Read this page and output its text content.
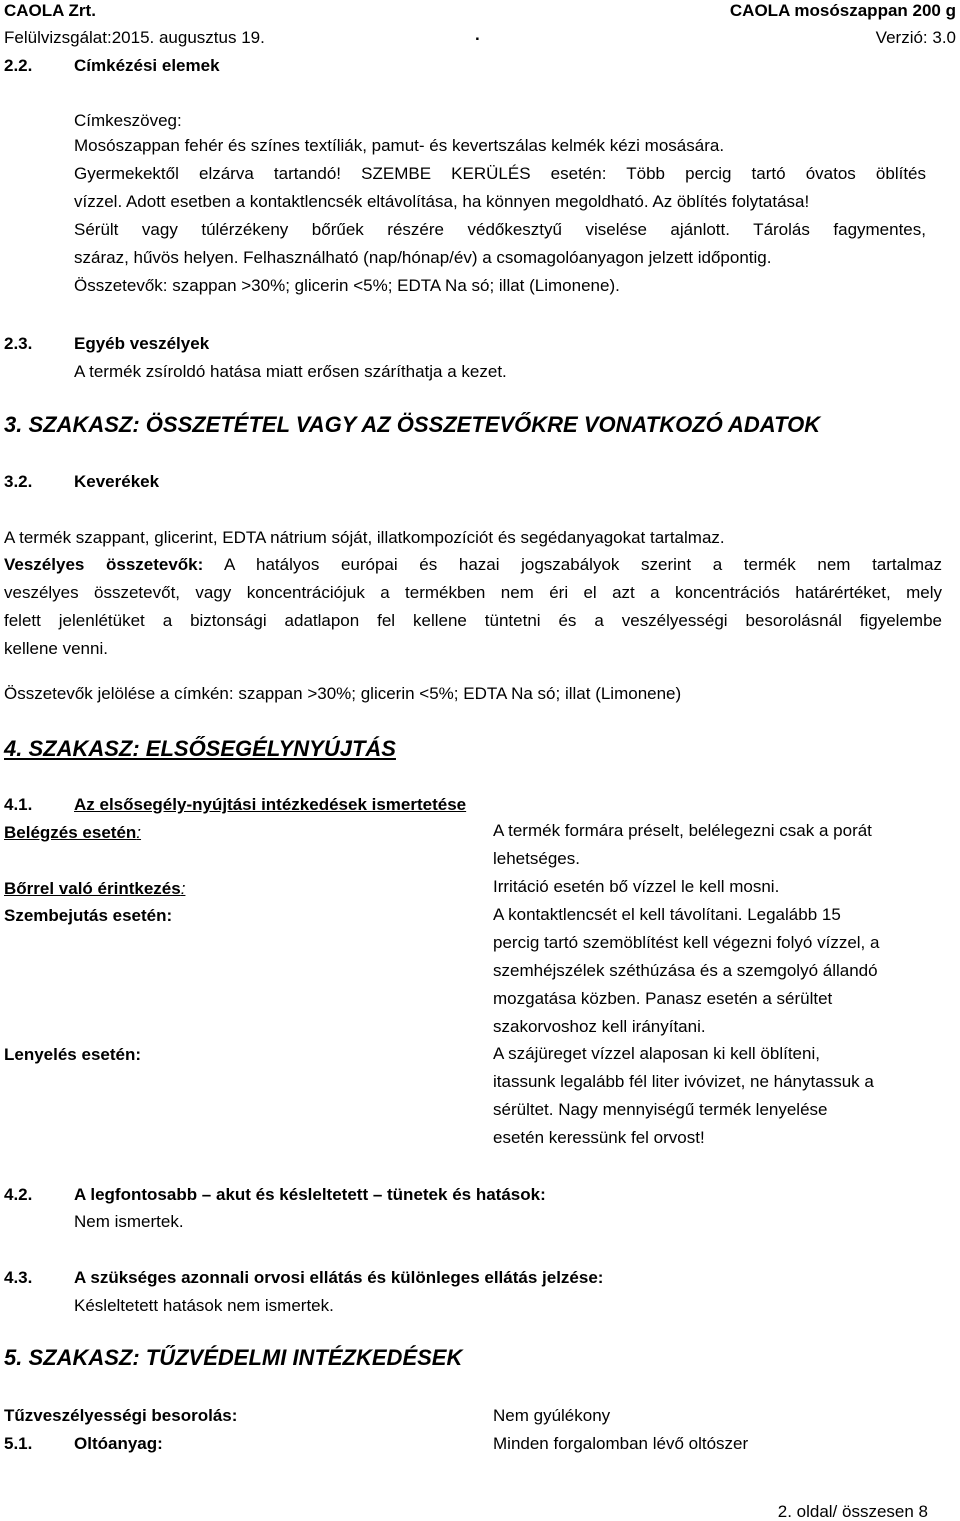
CAOLA Zrt.	CAOLA mosószappan 200 g
Felülvizsgálat:2015. augusztus 19.	.	Verzió: 3.0
2.2. Címkézési elemek
Címkeszöveg:
Mosószappan fehér és színes textíliák, pamut- és kevertszálas kelmék kézi mosására.
Gyermekektől elzárva tartandó! SZEMBE KERÜLÉS esetén: Több percig tartó óvatos öblítés
vízzel. Adott esetben a kontaktlencsék eltávolítása, ha könnyen megoldható. Az öblítés folytatása!
Sérült vagy túlérzékeny bőrűek részére védőkesztyű viselése ajánlott. Tárolás fagymentes,
száraz, hűvös helyen. Felhasználható (nap/hónap/év) a csomagolóanyagon jelzett időpontig.
Összetevők: szappan >30%; glicerin <5%; EDTA Na só; illat (Limonene).
2.3. Egyéb veszélyek
A termék zsíroldó hatása miatt erősen száríthatja a kezet.
3. SZAKASZ: ÖSSZETÉTEL VAGY AZ ÖSSZETEVŐKRE VONATKOZÓ ADATOK
3.2. Keverékek
A termék szappant, glicerint, EDTA nátrium sóját, illatkompozíciót és segédanyagokat tartalmaz.
Veszélyes összetevők: A hatályos európai és hazai jogszabályok szerint a termék nem tartalmaz
veszélyes összetevőt, vagy koncentrációjuk a termékben nem éri el azt a koncentrációs határértéket, mely
felett jelenlétüket a biztonsági adatlapon fel kellene tüntetni és a veszélyességi besorolásnál figyelembe
kellene venni.
Összetevők jelölése a címkén: szappan >30%; glicerin <5%; EDTA Na só; illat (Limonene)
4. SZAKASZ: ELSŐSEGÉLYNYÚJTÁS
4.1. Az elsősegély-nyújtási intézkedések ismertetése
Belégzés esetén:	A termék formára préselt, belélegezni csak a porát
lehetséges.
Bőrrel való érintkezés:	Irritáció esetén bő vízzel le kell mosni.
Szembejutás esetén:	A kontaktlencsét el kell távolítani. Legalább 15
percig tartó szemöblítést kell végezni folyó vízzel, a
szemhéjszélek széthúzása és a szemgolyó állandó
mozgatása közben. Panasz esetén a sérültet
szakorvoshoz kell irányítani.
Lenyelés esetén:	A szájüreget vízzel alaposan ki kell öblíteni,
itassunk legalább fél liter ivóvizet, ne hánytassuk a
sérültet. Nagy mennyiségű termék lenyelése
esetén keressünk fel orvost!
4.2. A legfontosabb – akut és késleltetett – tünetek és hatások:
Nem ismertek.
4.3. A szükséges azonnali orvosi ellátás és különleges ellátás jelzése:
Késleltetett hatások nem ismertek.
5. SZAKASZ: TŰZVÉDELMI INTÉZKEDÉSEK
Tűzveszélyességi besorolás:	Nem gyúlékony
5.1. Oltóanyag:	Minden forgalomban lévő oltószer
2. oldal/ összesen 8
